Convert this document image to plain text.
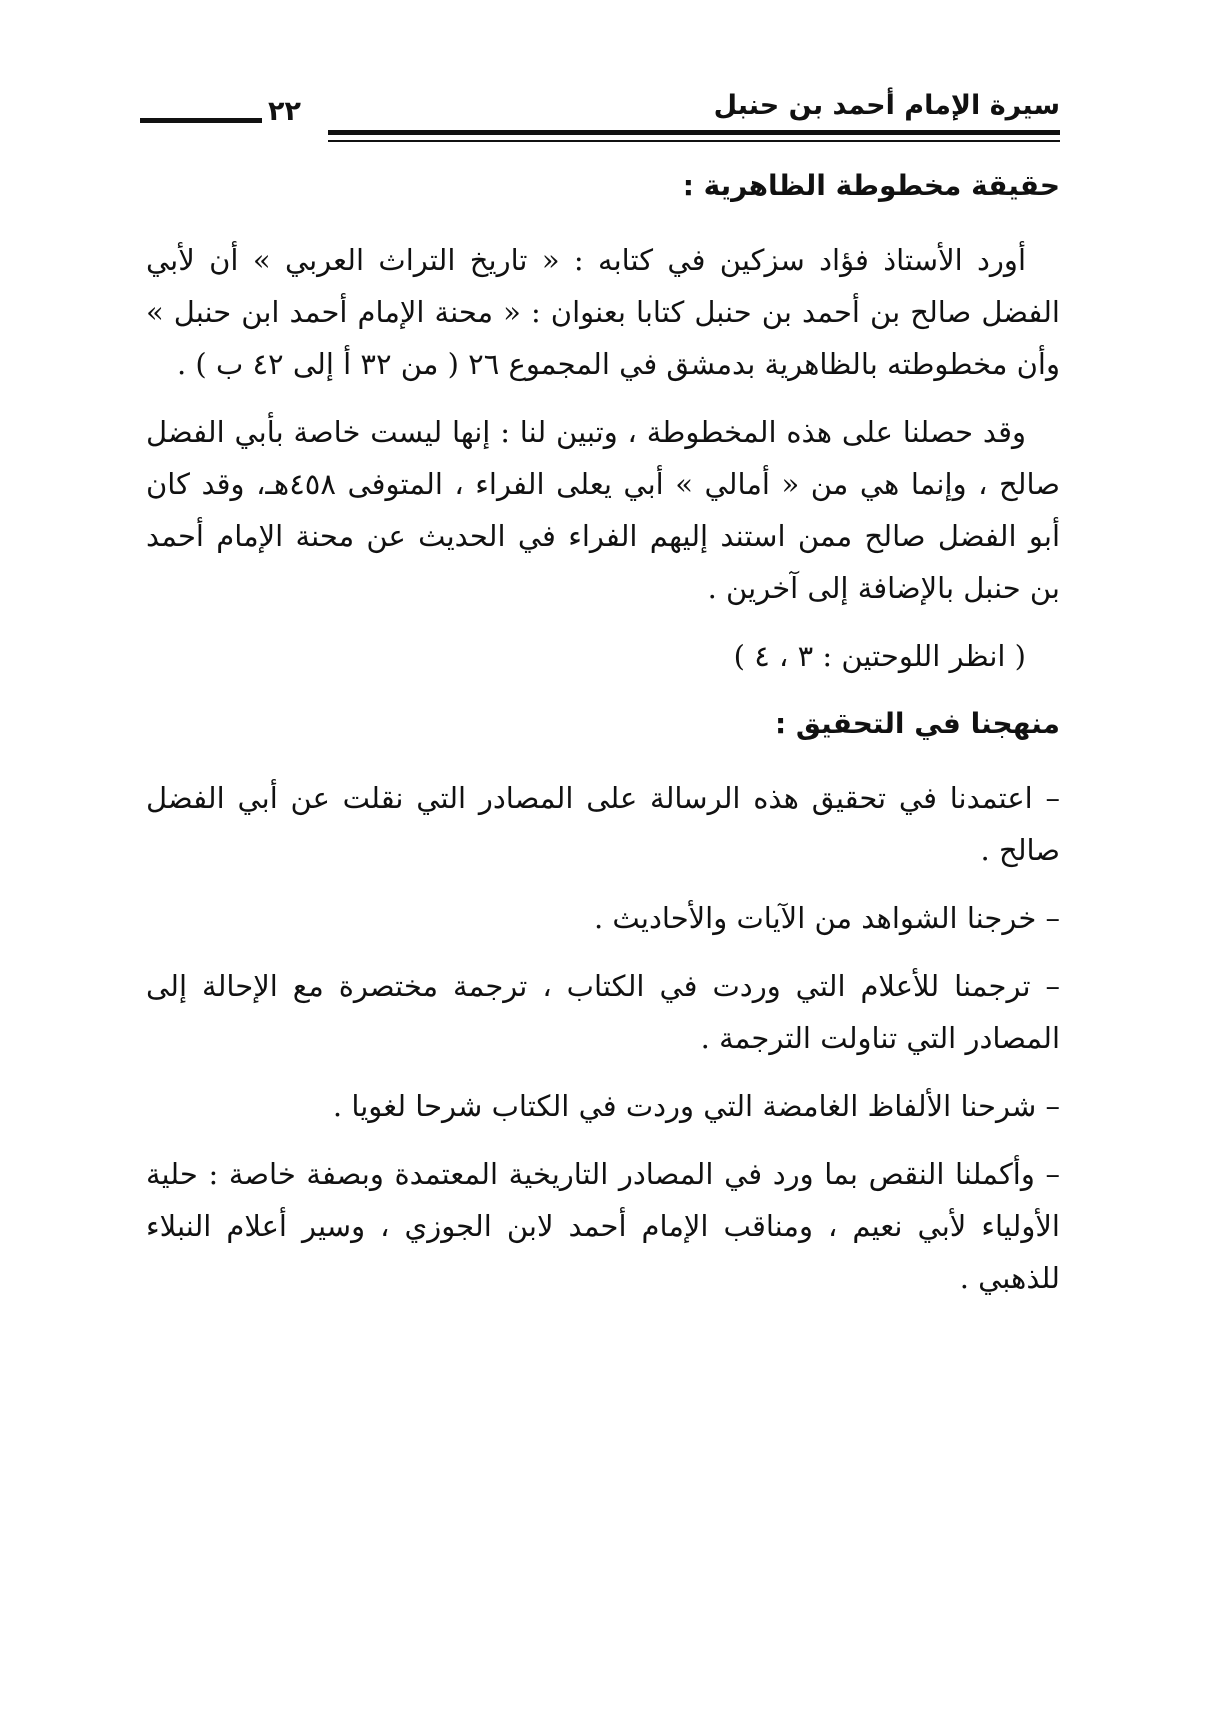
سيرة الإمام أحمد بن حنبل
٢٢
حقيقة مخطوطة الظاهرية :

أورد الأستاذ فؤاد سزكين في كتابه : « تاريخ التراث العربي » أن لأبي الفضل صالح بن أحمد بن حنبل كتابا بعنوان : « محنة الإمام أحمد ابن حنبل » وأن مخطوطته بالظاهرية بدمشق في المجموع ٢٦ ( من ٣٢ أ إلى ٤٢ ب ) .

وقد حصلنا على هذه المخطوطة ، وتبين لنا : إنها ليست خاصة بأبي الفضل صالح ، وإنما هي من « أمالي » أبي يعلى الفراء ، المتوفى ٤٥٨هـ، وقد كان أبو الفضل صالح ممن استند إليهم الفراء في الحديث عن محنة الإمام أحمد بن حنبل بالإضافة إلى آخرين .

( انظر اللوحتين : ٣ ، ٤ )

منهجنا في التحقيق :

– اعتمدنا في تحقيق هذه الرسالة على المصادر التي نقلت عن أبي الفضل صالح .

– خرجنا الشواهد من الآيات والأحاديث .

– ترجمنا للأعلام التي وردت في الكتاب ، ترجمة مختصرة مع الإحالة إلى المصادر التي تناولت الترجمة .

– شرحنا الألفاظ الغامضة التي وردت في الكتاب شرحا لغويا .

– وأكملنا النقص بما ورد في المصادر التاريخية المعتمدة وبصفة خاصة : حلية الأولياء لأبي نعيم ، ومناقب الإمام أحمد لابن الجوزي ، وسير أعلام النبلاء للذهبي .
